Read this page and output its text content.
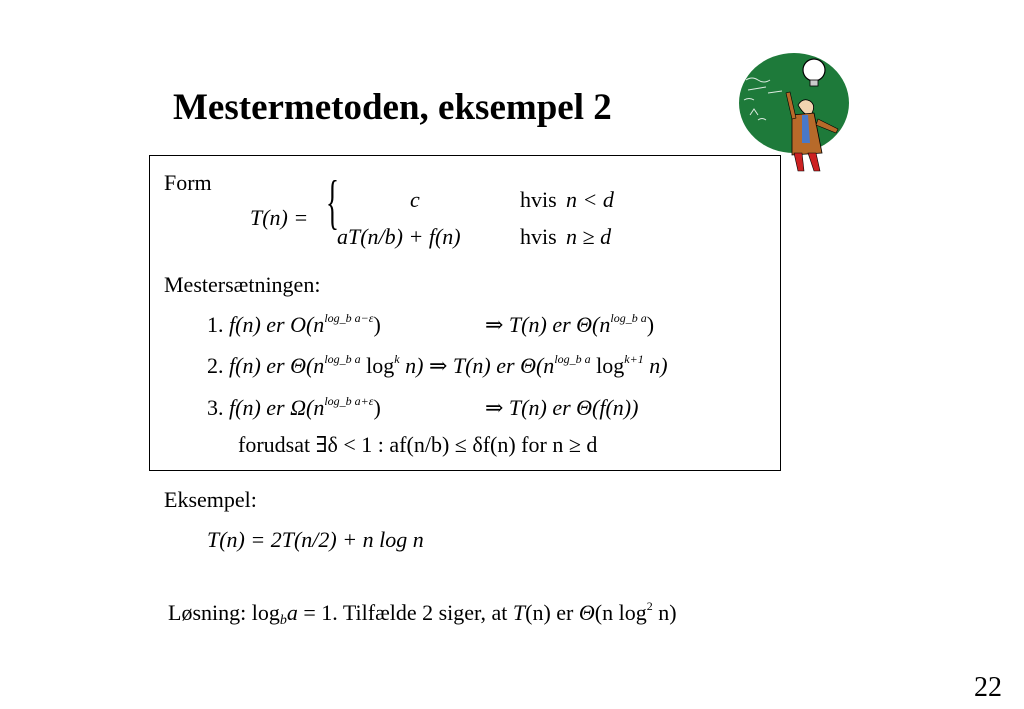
Mestermetoden, eksempel 2
Form
T(n) = {	c	hvis n < d
aT(n/b) + f(n)	hvis n ≥ d
Mestersætningen:
1. f(n) er $O(n^{log\_b a-\varepsilon})$	⇒ T(n) er $\Theta(n^{log\_b a})$
2. f(n) er $\Theta(n^{log\_b a}$ $\log^k n$) ⇒ T(n) er $\Theta(n^{log\_b a}$ $\log^{k+1} n$)
3. f(n) er $\Omega(n^{log\_b a+\varepsilon})$	⇒ T(n) er Θ(f(n))
forudsat ∃δ < 1 : af(n/b) ≤ δf(n) for n ≥ d
Eksempel:
T(n) = 2T(n/2) + n log n
Løsning: $\log_ba = 1$. Tilfælde 2 siger, at T(n) er Θ(n $\log^2 n$)
22
